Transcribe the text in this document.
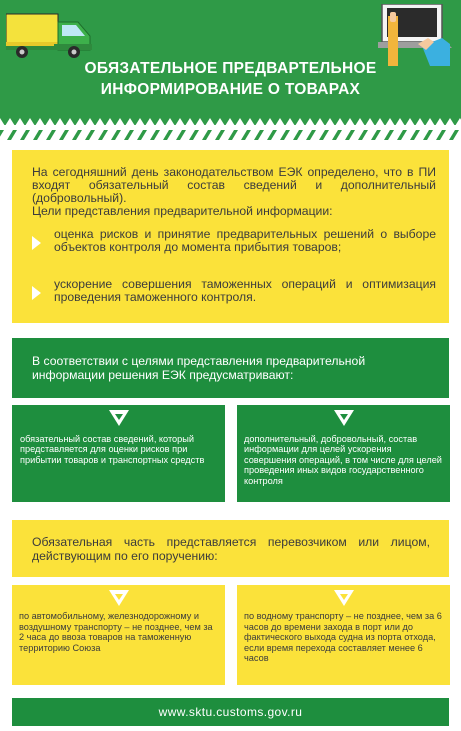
ОБЯЗАТЕЛЬНОЕ ПРЕДВАРТЕЛЬНОЕ
ИНФОРМИРОВАНИЕ О ТОВАРАХ
На сегодняшний день законодательством ЕЭК определено, что в ПИ входят обязательный состав сведений и дополнительный (добровольный).
Цели представления предварительной информации:
оценка рисков и принятие предварительных решений о выборе объектов контроля до момента прибытия товаров;
ускорение совершения таможенных операций и оптимизация проведения таможенного контроля.
В соответствии с целями представления предварительной информации решения ЕЭК предусматривают:
обязательный состав сведений, который представляется для оценки рисков при прибытии товаров и транспортных средств
дополнительный, добровольный, состав информации для целей ускорения совершения операций, в том числе для целей проведения иных видов государственного контроля
Обязательная часть представляется перевозчиком или лицом, действующим по его поручению:
по автомобильному, железнодорожному и воздушному транспорту – не позднее, чем за 2 часа до ввоза товаров на таможенную территорию Союза
по водному транспорту – не позднее, чем за 6 часов до времени захода в порт или до фактического выхода судна из порта отхода, если время перехода составляет менее 6 часов
www.sktu.customs.gov.ru
